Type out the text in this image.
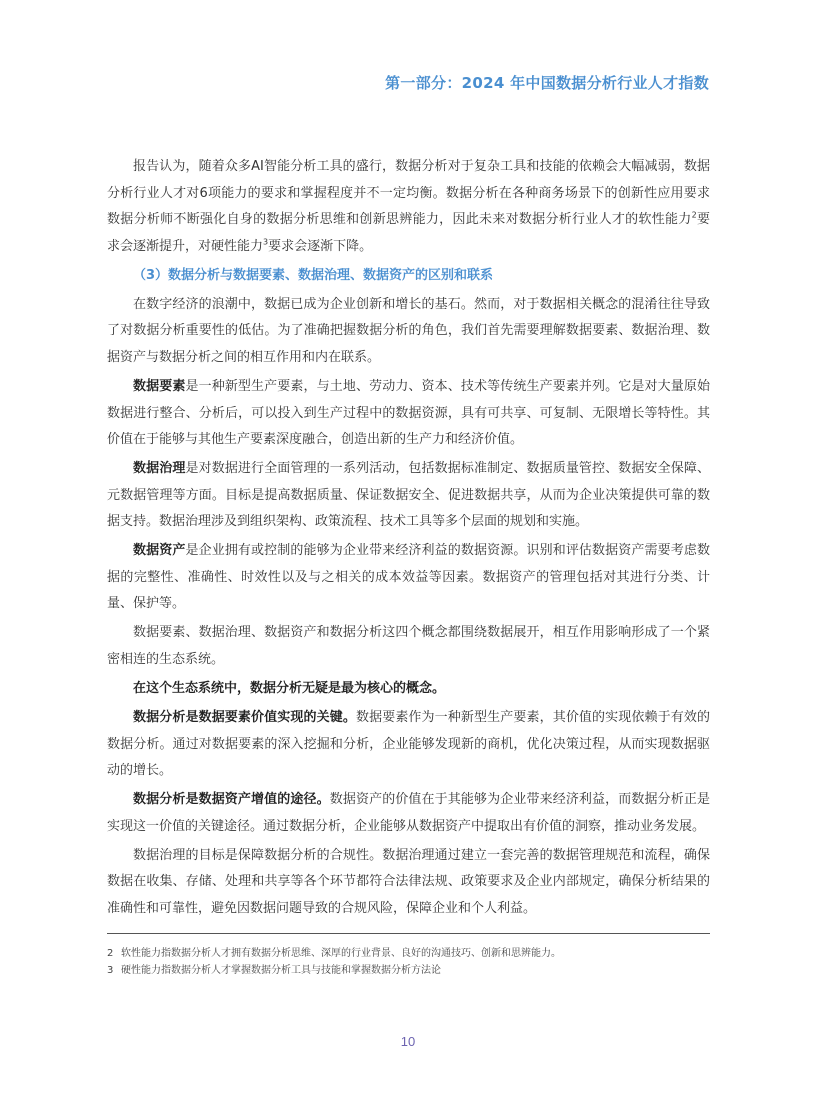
第一部分：2024 年中国数据分析行业人才指数

报告认为，随着众多AI智能分析工具的盛行，数据分析对于复杂工具和技能的依赖会大幅减弱，数据分析行业人才对6项能力的要求和掌握程度并不一定均衡。数据分析在各种商务场景下的创新性应用要求数据分析师不断强化自身的数据分析思维和创新思辨能力，因此未来对数据分析行业人才的软性能力$^2$要求会逐渐提升，对硬性能力$^3$要求会逐渐下降。

（3）数据分析与数据要素、数据治理、数据资产的区别和联系

在数字经济的浪潮中，数据已成为企业创新和增长的基石。然而，对于数据相关概念的混淆往往导致了对数据分析重要性的低估。为了准确把握数据分析的角色，我们首先需要理解数据要素、数据治理、数据资产与数据分析之间的相互作用和内在联系。

数据要素是一种新型生产要素，与土地、劳动力、资本、技术等传统生产要素并列。它是对大量原始数据进行整合、分析后，可以投入到生产过程中的数据资源，具有可共享、可复制、无限增长等特性。其价值在于能够与其他生产要素深度融合，创造出新的生产力和经济价值。

数据治理是对数据进行全面管理的一系列活动，包括数据标准制定、数据质量管控、数据安全保障、元数据管理等方面。目标是提高数据质量、保证数据安全、促进数据共享，从而为企业决策提供可靠的数据支持。数据治理涉及到组织架构、政策流程、技术工具等多个层面的规划和实施。

数据资产是企业拥有或控制的能够为企业带来经济利益的数据资源。识别和评估数据资产需要考虑数据的完整性、准确性、时效性以及与之相关的成本效益等因素。数据资产的管理包括对其进行分类、计量、保护等。

数据要素、数据治理、数据资产和数据分析这四个概念都围绕数据展开，相互作用影响形成了一个紧密相连的生态系统。

在这个生态系统中，数据分析无疑是最为核心的概念。

数据分析是数据要素价值实现的关键。数据要素作为一种新型生产要素，其价值的实现依赖于有效的数据分析。通过对数据要素的深入挖掘和分析，企业能够发现新的商机，优化决策过程，从而实现数据驱动的增长。

数据分析是数据资产增值的途径。数据资产的价值在于其能够为企业带来经济利益，而数据分析正是实现这一价值的关键途径。通过数据分析，企业能够从数据资产中提取出有价值的洞察，推动业务发展。

数据治理的目标是保障数据分析的合规性。数据治理通过建立一套完善的数据管理规范和流程，确保数据在收集、存储、处理和共享等各个环节都符合法律法规、政策要求及企业内部规定，确保分析结果的准确性和可靠性，避免因数据问题导致的合规风险，保障企业和个人利益。

2 软性能力指数据分析人才拥有数据分析思维、深厚的行业背景、良好的沟通技巧、创新和思辨能力。
3 硬性能力指数据分析人才掌握数据分析工具与技能和掌握数据分析方法论
10
